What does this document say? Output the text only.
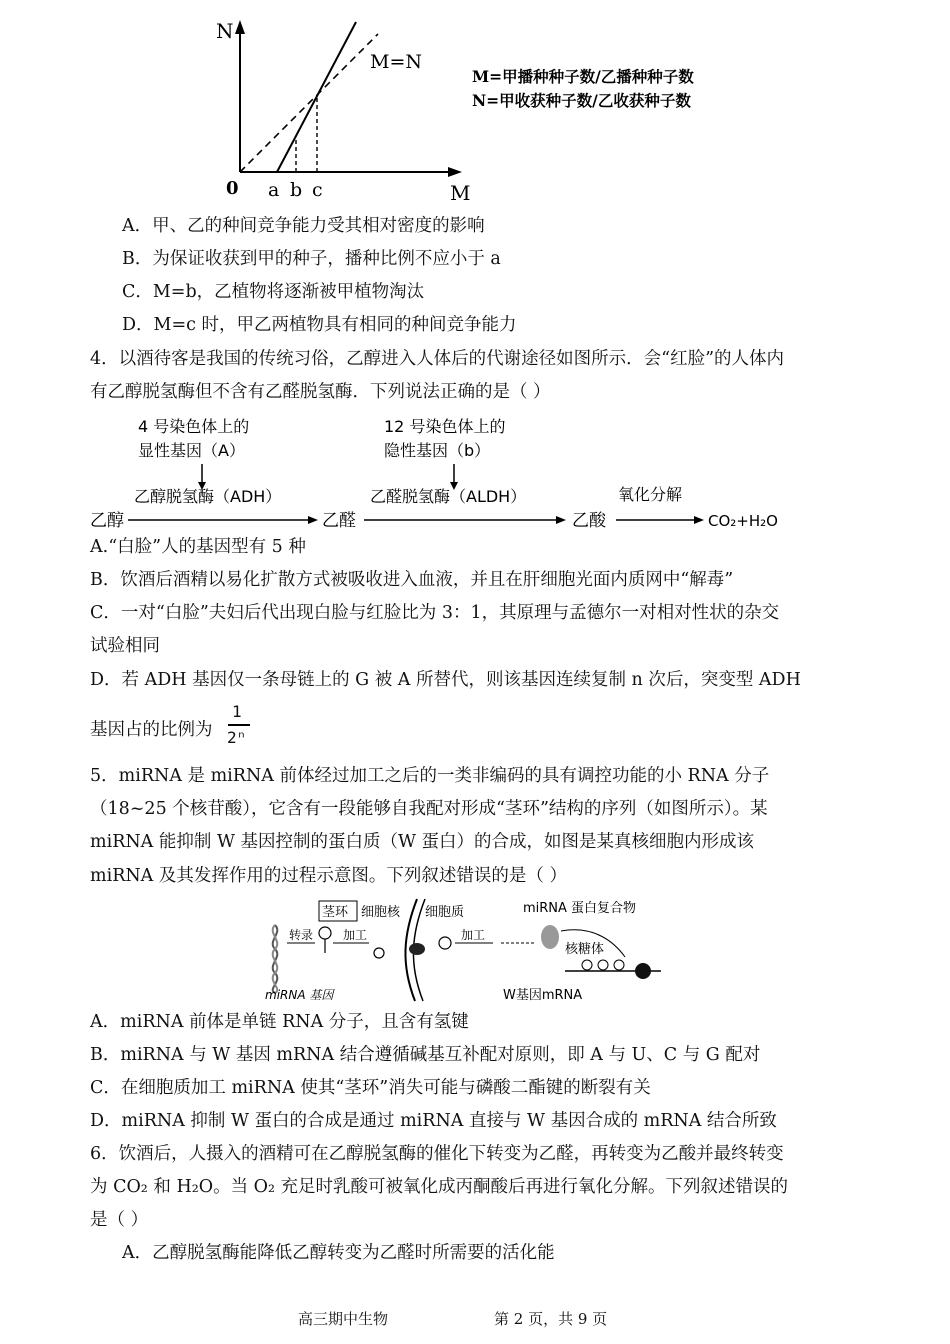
N
M
0 a b c
M=N
M=甲播种种子数/乙播种种子数
N=甲收获种子数/乙收获种子数
A．甲、乙的种间竞争能力受其相对密度的影响
B．为保证收获到甲的种子，播种比例不应小于 a
C．M=b，乙植物将逐渐被甲植物淘汰
D．M=c 时，甲乙两植物具有相同的种间竞争能力
4．以酒待客是我国的传统习俗，乙醇进入人体后的代谢途径如图所示．会“红脸”的人体内
有乙醇脱氢酶但不含有乙醛脱氢酶．下列说法正确的是（ ）
4 号染色体上的
显性基因（A）
12 号染色体上的
隐性基因（b）
乙醇脱氢酶（ADH）	乙醛脱氢酶（ALDH）	氧化分解
乙醇	乙醛	乙酸	CO₂+H₂O
A.“白脸”人的基因型有 5 种
B．饮酒后酒精以易化扩散方式被吸收进入血液，并且在肝细胞光面内质网中“解毒”
C．一对“白脸”夫妇后代出现白脸与红脸比为 3：1，其原理与孟德尔一对相对性状的杂交
试验相同
D．若 ADH 基因仅一条母链上的 G 被 A 所替代，则该基因连续复制 n 次后，突变型 ADH
基因占的比例为
1
2ⁿ
5．miRNA 是 miRNA 前体经过加工之后的一类非编码的具有调控功能的小 RNA 分子
（18~25 个核苷酸），它含有一段能够自我配对形成“茎环”结构的序列（如图所示）。某
miRNA 能抑制 W 基因控制的蛋白质（W 蛋白）的合成，如图是某真核细胞内形成该
miRNA 及其发挥作用的过程示意图。下列叙述错误的是（ ）
茎环 细胞核 细胞质	miRNA 蛋白复合物
转录 加工	加工
核糖体
miRNA 基因	W基因mRNA
A．miRNA 前体是单链 RNA 分子，且含有氢键
B．miRNA 与 W 基因 mRNA 结合遵循碱基互补配对原则，即 A 与 U、C 与 G 配对
C．在细胞质加工 miRNA 使其“茎环”消失可能与磷酸二酯键的断裂有关
D．miRNA 抑制 W 蛋白的合成是通过 miRNA 直接与 W 基因合成的 mRNA 结合所致
6．饮酒后，人摄入的酒精可在乙醇脱氢酶的催化下转变为乙醛，再转变为乙酸并最终转变
为 CO₂ 和 H₂O。当 O₂ 充足时乳酸可被氧化成丙酮酸后再进行氧化分解。下列叙述错误的
是（ ）
A．乙醇脱氢酶能降低乙醇转变为乙醛时所需要的活化能
高三期中生物	第 2 页，共 9 页
